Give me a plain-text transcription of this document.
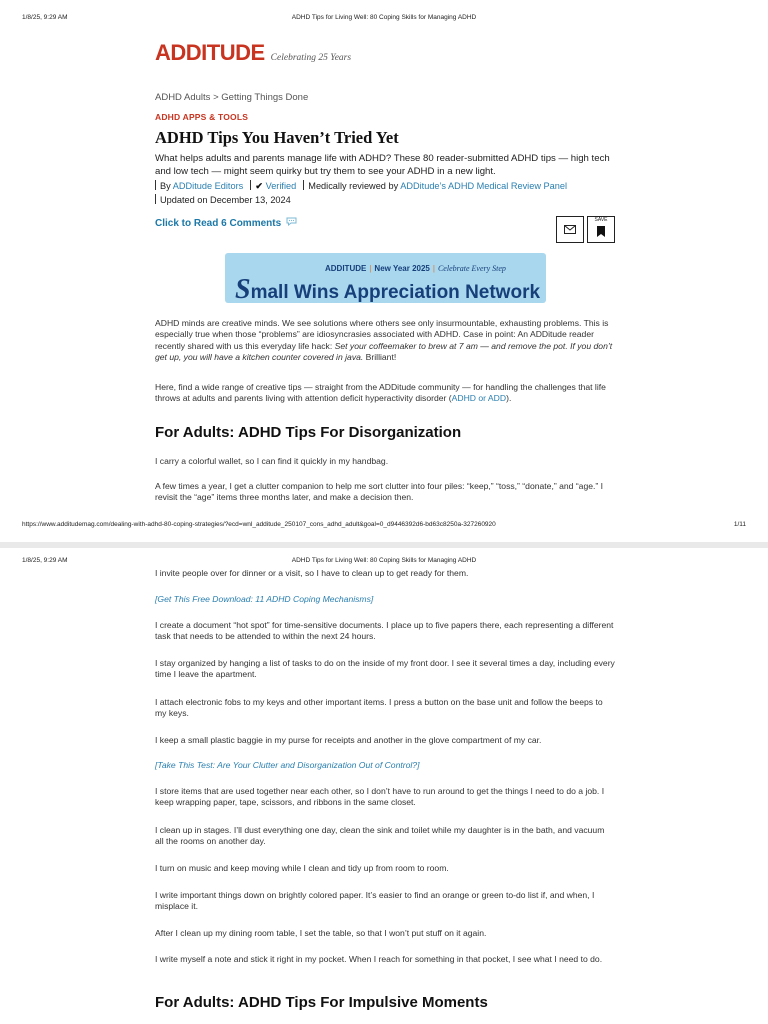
1/8/25, 9:29 AM	ADHD Tips for Living Well: 80 Coping Skills for Managing ADHD
ADDITUDE Celebrating 25 Years
ADHD Adults > Getting Things Done
ADHD APPS & TOOLS
ADHD Tips You Haven’t Tried Yet
What helps adults and parents manage life with ADHD? These 80 reader-submitted ADHD tips — high tech and low tech — might seem quirky but try them to see your ADHD in a new light.
By ADDitude Editors ✔ Verified Medically reviewed by ADDitude’s ADHD Medical Review Panel
Updated on December 13, 2024
Click to Read 6 Comments	SAVE
ADDITUDE | New Year 2025 | Celebrate Every Step
Small Wins Appreciation Network
ADHD minds are creative minds. We see solutions where others see only insurmountable, exhausting problems. This is especially true when those “problems” are idiosyncrasies associated with ADHD. Case in point: An ADDitude reader recently shared with us this everyday life hack: Set your coffeemaker to brew at 7 am — and remove the pot. If you don’t get up, you will have a kitchen counter covered in java. Brilliant!
Here, find a wide range of creative tips — straight from the ADDitude community — for handling the challenges that life throws at adults and parents living with attention deficit hyperactivity disorder (ADHD or ADD).
For Adults: ADHD Tips For Disorganization
I carry a colorful wallet, so I can find it quickly in my handbag.
A few times a year, I get a clutter companion to help me sort clutter into four piles: “keep,” “toss,” “donate,” and “age.” I revisit the “age” items three months later, and make a decision then.
https://www.additudemag.com/dealing-with-adhd-80-coping-strategies/?ecd=wnl_additude_250107_cons_adhd_adult&goal=0_d9446392d6-bd63c8250a-327260920	1/11
1/8/25, 9:29 AM	ADHD Tips for Living Well: 80 Coping Skills for Managing ADHD
I invite people over for dinner or a visit, so I have to clean up to get ready for them.
[Get This Free Download: 11 ADHD Coping Mechanisms]
I create a document “hot spot” for time-sensitive documents. I place up to five papers there, each representing a different task that needs to be attended to within the next 24 hours.
I stay organized by hanging a list of tasks to do on the inside of my front door. I see it several times a day, including every time I leave the apartment.
I attach electronic fobs to my keys and other important items. I press a button on the base unit and follow the beeps to my keys.
I keep a small plastic baggie in my purse for receipts and another in the glove compartment of my car.
[Take This Test: Are Your Clutter and Disorganization Out of Control?]
I store items that are used together near each other, so I don’t have to run around to get the things I need to do a job. I keep wrapping paper, tape, scissors, and ribbons in the same closet.
I clean up in stages. I’ll dust everything one day, clean the sink and toilet while my daughter is in the bath, and vacuum all the rooms on another day.
I turn on music and keep moving while I clean and tidy up from room to room.
I write important things down on brightly colored paper. It’s easier to find an orange or green to-do list if, and when, I misplace it.
After I clean up my dining room table, I set the table, so that I won’t put stuff on it again.
I write myself a note and stick it right in my pocket. When I reach for something in that pocket, I see what I need to do.
For Adults: ADHD Tips For Impulsive Moments
